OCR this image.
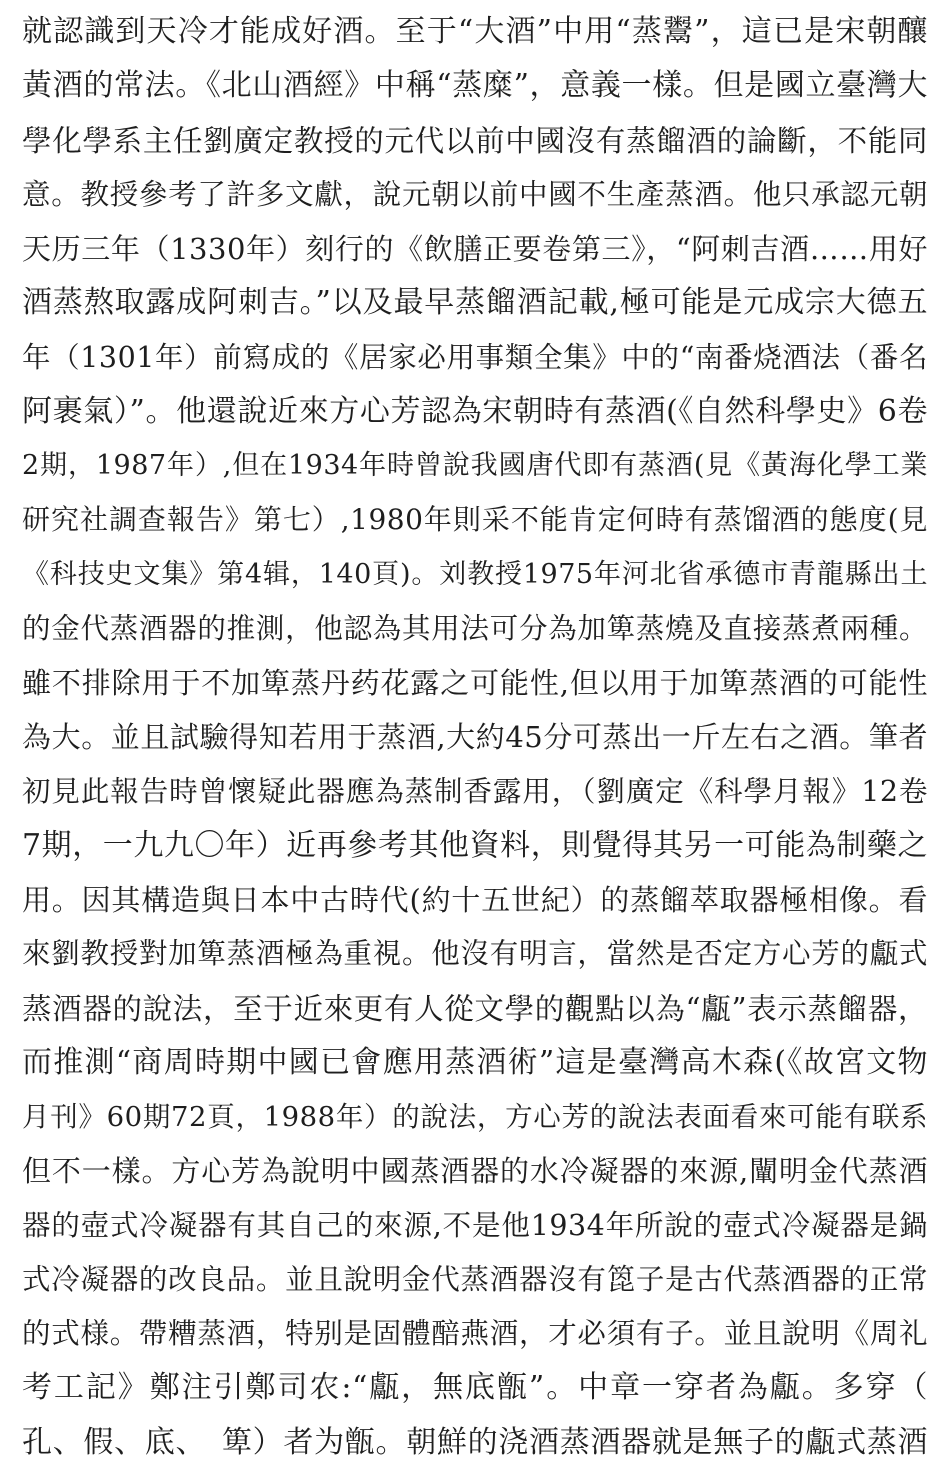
就認識到天冷才能成好酒。至于“大酒”中用“蒸鬻”，這已是宋朝釀
黃酒的常法。《北山酒經》中稱“蒸糜”，意義一樣。但是國立臺灣大
學化學系主任劉廣定教授的元代以前中國沒有蒸餾酒的論斷，不能同
意。教授參考了許多文獻，說元朝以前中國不生產蒸酒。他只承認元朝
天历三年（1330年）刻行的《飲膳正要卷第三》，“阿刺吉酒……用好
酒蒸熬取露成阿刺吉。”以及最早蒸餾酒記載,極可能是元成宗大德五
年（1301年）前寫成的《居家必用事類全集》中的“南番烧酒法（番名
阿裹氣）”。他還說近來方心芳認為宋朝時有蒸酒(《自然科學史》6卷
2期，1987年）,但在1934年時曾說我國唐代即有蒸酒(見《黃海化學工業
研究社調查報告》第七）,1980年則采不能肯定何時有蒸馏酒的態度(見
《科技史文集》第4辑，140頁)。刘教授1975年河北省承德市青龍縣出土
的金代蒸酒器的推測，他認為其用法可分為加箄蒸燒及直接蒸煮兩種。
雖不排除用于不加箄蒸丹药花露之可能性,但以用于加箄蒸酒的可能性
為大。並且試驗得知若用于蒸酒,大約45分可蒸出一斤左右之酒。筆者
初見此報告時曾懷疑此器應為蒸制香露用，（劉廣定《科學月報》12卷
7期，一九九〇年）近再參考其他資料，則覺得其另一可能為制藥之
用。因其構造與日本中古時代(約十五世紀）的蒸餾萃取器極相像。看
來劉教授對加箄蒸酒極為重視。他沒有明言，當然是否定方心芳的甗式
蒸酒器的說法，至于近來更有人從文學的觀點以為“甗”表示蒸餾器，
而推測“商周時期中國已會應用蒸酒術”這是臺灣高木森(《故宮文物
月刊》60期72頁，1988年）的說法，方心芳的說法表面看來可能有联系
但不一樣。方心芳為說明中國蒸酒器的水冷凝器的來源,闡明金代蒸酒
器的壺式冷凝器有其自己的來源,不是他1934年所說的壺式冷凝器是鍋
式冷凝器的改良品。並且說明金代蒸酒器沒有箆子是古代蒸酒器的正常
的式様。帶糟蒸酒，特别是固體醅燕酒，才必須有子。並且說明《周礼
考工記》鄭注引鄭司农:“甗，無底甑”。中章一穿者為甗。多穿（
孔、假、底、　箄）者为甑。朝鮮的浇酒蒸酒器就是無子的甗式蒸酒
